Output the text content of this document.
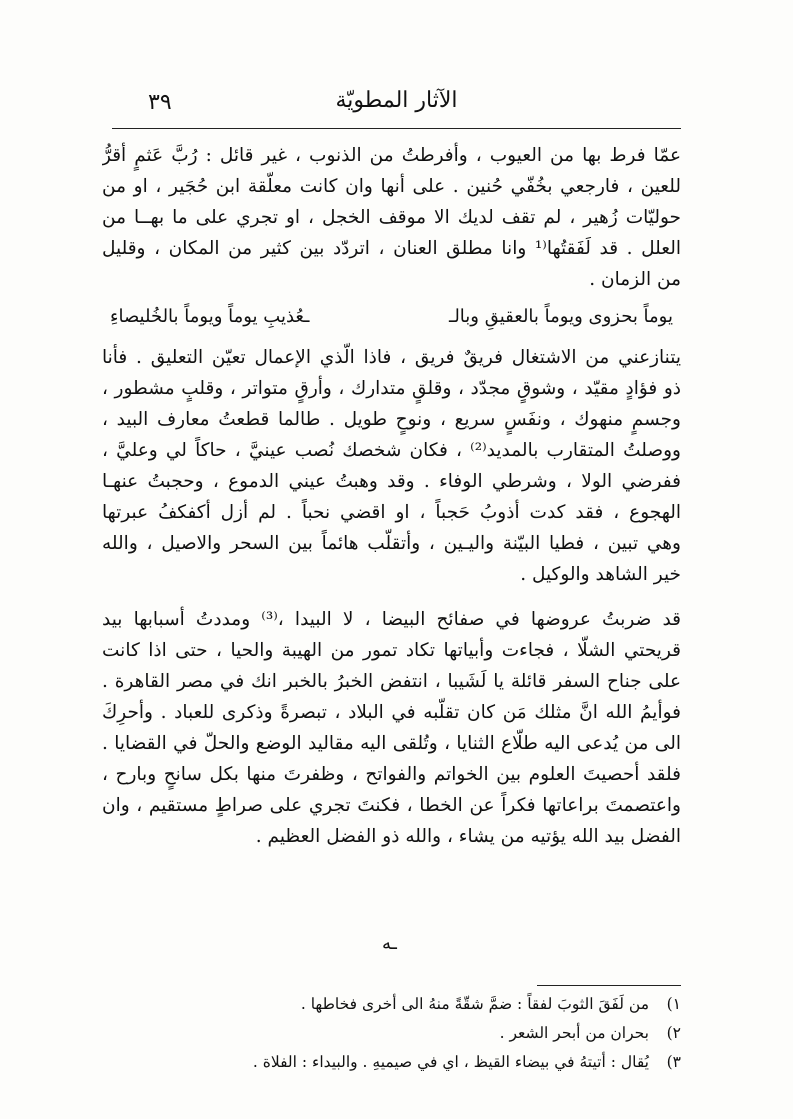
الآثار المطويّة
٣٩

عمّا فرط بها من العيوب ، وأفرطتُ من الذنوب ، غير قائل : رُبَّ عَثمٍ أقرُّ

للعين ، فارجعي بخُفّي حُنين . على أنها وان كانت معلّقة ابن حُجَير ، او من

حوليّات زُهير ، لم تقف لديك الا موقف الخجل ، او تجري على ما بهــا من

العلل . قد لَفَقتُها⁽¹ وانا مطلق العنان ، اتردّد بين كثير من المكان ، وقليل

من الزمان .

يوماً بحزوى ويوماً بالعقيقِ وبالـ
ـعُذيبِ يوماً ويوماً بالخُليصاءِ

يتنازعني من الاشتغال فريقٌ فريق ، فاذا الّذي الإعمال تعيّن التعليق . فأنا

ذو فؤادٍ مقيّد ، وشوقٍ مجدّد ، وقلقٍ متدارك ، وأرقٍ متواتر ، وقلبٍ مشطور ،

وجسمٍ منهوك ، ونفَسٍ سريع ، ونوحٍ طويل . طالما قطعتُ معارف البيد ،

ووصلتُ المتقارب بالمديد⁽²⁾ ، فكان شخصك نُصب عينيَّ ، حاكاً لي وعليَّ ،

ففرضي الولا ، وشرطي الوفاء . وقد وهبتُ عيني الدموع ، وحجبتُ عنهـا

الهجوع ، فقد كدت أذوبُ حَجباً ، او اقضي نحباً . لم أزل أكفكفُ عبرتها

وهي تبين ، فطيا البيّنة واليـين ، وأتقلّب هائماً بين السحر والاصيل ، والله

خير الشاهد والوكيل .

قد ضربتُ عروضها في صفائح البيضا ، لا البيدا ،⁽³⁾ ومددتُ أسبابها بيد

قريحتي الشلّا ، فجاءت وأبياتها تكاد تمور من الهيبة والحيا ، حتى اذا كانت

على جناح السفر قائلة يا لَشَيبا ، انتفض الخبرُ بالخبر انك في مصر القاهرة .

فوأيمُ الله انَّ مثلك مَن كان تقلّبه في البلاد ، تبصرةً وذكرى للعباد . وأحرِكَ

الى من يُدعى اليه طلّاع الثنايا ، وتُلقى اليه مقاليد الوضع والحلّ في القضايا .

فلقد أحصيتَ العلوم بين الخواتم والفواتح ، وظفرتَ منها بكل سانحٍ وبارح ،

واعتصمتَ براعاتها فكراً عن الخطا ، فكنتَ تجري على صراطٍ مستقيم ، وان

الفضل بيد الله يؤتيه من يشاء ، والله ذو الفضل العظيم .

ـه
١)
من لَفَقَ الثوبَ لفقاً : ضمَّ شقّةً منهُ الى أخرى فخاطها .
٢)
بحران من أبحر الشعر .
٣)
يُقال : أتيتهُ في بيضاء القيظ ، اي في صيميهِ . والبيداء : الفلاة .
